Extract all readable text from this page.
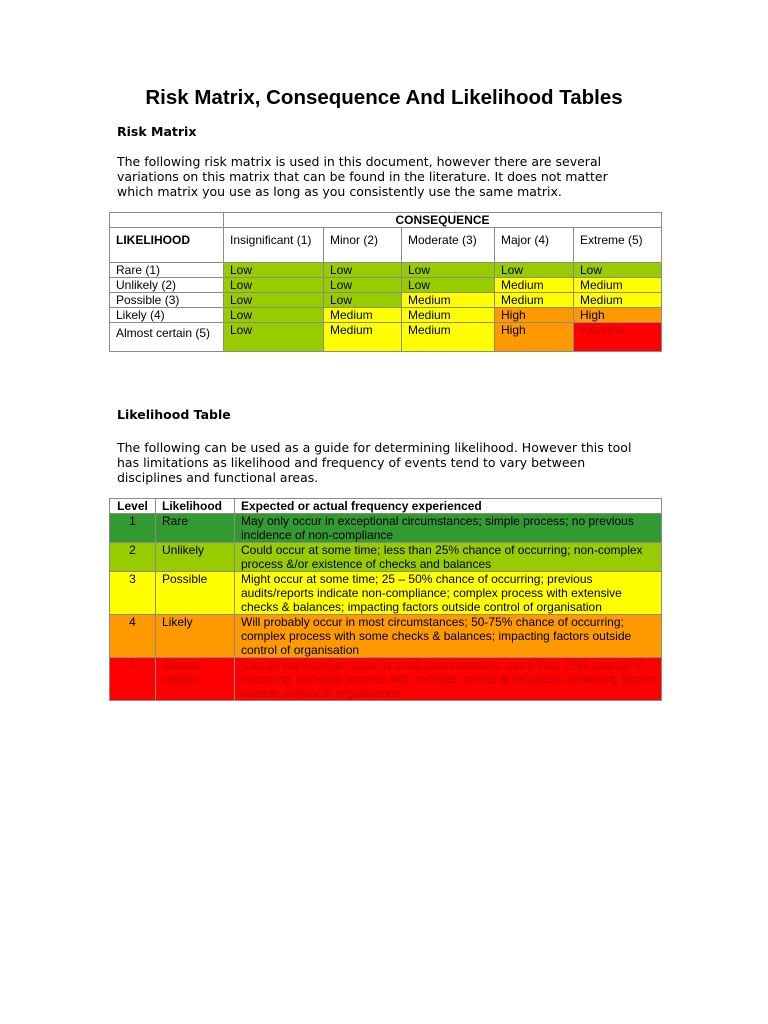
Risk Matrix, Consequence And Likelihood Tables
Risk Matrix
The following risk matrix is used in this document, however there are several
variations on this matrix that can be found in the literature. It does not matter
which matrix you use as long as you consistently use the same matrix.
	CONSEQUENCE				
LIKELIHOOD	Insignificant (1)	Minor (2)	Moderate (3)	Major (4)	Extreme (5)
Rare (1)	Low	Low	Low	Low	Low
Unlikely (2)	Low	Low	Low	Medium	Medium
Possible (3)	Low	Low	Medium	Medium	Medium
Likely (4)	Low	Medium	Medium	High	High
Almost certain (5)	Low	Medium	Medium	High	Extreme
Likelihood Table
The following can be used as a guide for determining likelihood. However this tool
has limitations as likelihood and frequency of events tend to vary between
disciplines and functional areas.
Level	Likelihood	Expected or actual frequency experienced
1	Rare	May only occur in exceptional circumstances; simple process; no previous incidence of non-compliance
2	Unlikely	Could occur at some time; less than 25% chance of occurring; non-complex process &/or existence of checks and balances
3	Possible	Might occur at some time; 25 – 50% chance of occurring; previous audits/reports indicate non-compliance; complex process with extensive checks & balances; impacting factors outside control of organisation
4	Likely	Will probably occur in most circumstances; 50-75% chance of occurring; complex process with some checks & balances; impacting factors outside control of organisation
5	Almost certain	Can be expected to occur in most circumstances; more than 75% chance of occurring; complex process with minimal checks & balances; impacting factors outside control of organisation
